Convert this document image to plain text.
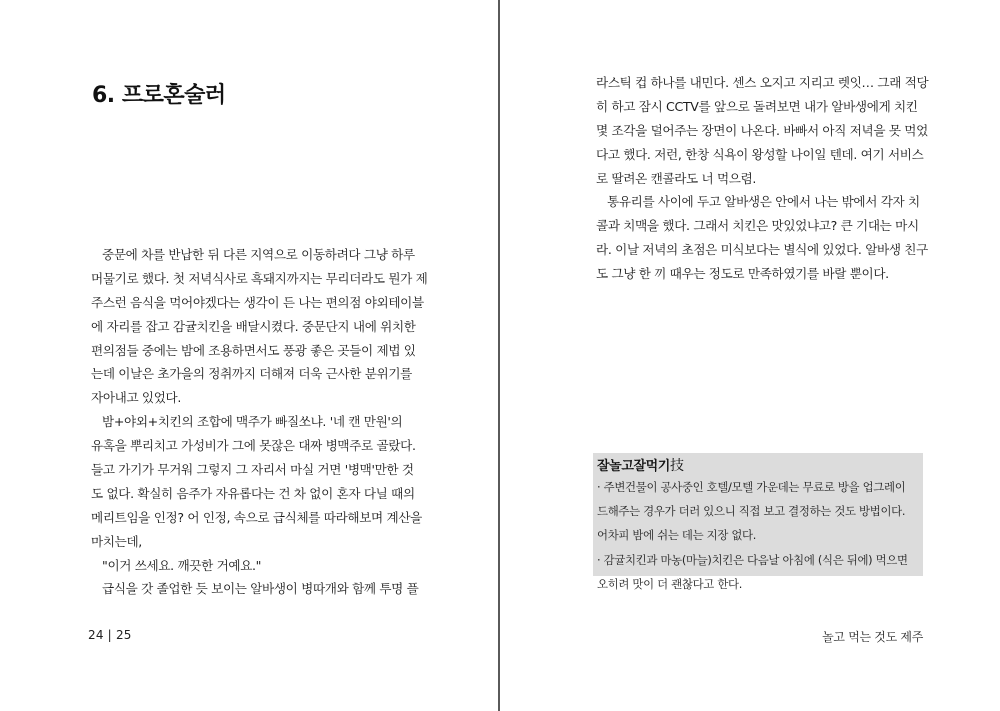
6. 프로혼술러
중문에 차를 반납한 뒤 다른 지역으로 이동하려다 그냥 하루
머물기로 했다. 첫 저녁식사로 흑돼지까지는 무리더라도 뭔가 제
주스런 음식을 먹어야겠다는 생각이 든 나는 편의점 야외테이블
에 자리를 잡고 감귤치킨을 배달시켰다. 중문단지 내에 위치한
편의점들 중에는 밤에 조용하면서도 풍광 좋은 곳들이 제법 있
는데 이날은 초가을의 정취까지 더해져 더욱 근사한 분위기를
자아내고 있었다.
밤+야외+치킨의 조합에 맥주가 빠질쏘냐. '네 캔 만원'의
유혹을 뿌리치고 가성비가 그에 못잖은 대짜 병맥주로 골랐다.
들고 가기가 무거워 그렇지 그 자리서 마실 거면 '병맥'만한 것
도 없다. 확실히 음주가 자유롭다는 건 차 없이 혼자 다닐 때의
메리트임을 인정? 어 인정, 속으로 급식체를 따라해보며 계산을
마치는데,
"이거 쓰세요. 깨끗한 거예요."
급식을 갓 졸업한 듯 보이는 알바생이 병따개와 함께 투명 플
24 | 25
라스틱 컵 하나를 내민다. 센스 오지고 지리고 렛잇… 그래 적당
히 하고 잠시 CCTV를 앞으로 돌려보면 내가 알바생에게 치킨
몇 조각을 덜어주는 장면이 나온다. 바빠서 아직 저녁을 못 먹었
다고 했다. 저런, 한창 식욕이 왕성할 나이일 텐데. 여기 서비스
로 딸려온 캔콜라도 너 먹으렴.
통유리를 사이에 두고 알바생은 안에서 나는 밖에서 각자 치
콜과 치맥을 했다. 그래서 치킨은 맛있었냐고? 큰 기대는 마시
라. 이날 저녁의 초점은 미식보다는 별식에 있었다. 알바생 친구
도 그냥 한 끼 때우는 정도로 만족하였기를 바랄 뿐이다.
잘놀고잘먹기技
· 주변건물이 공사중인 호텔/모텔 가운데는 무료로 방을 업그레이
드해주는 경우가 더러 있으니 직접 보고 결정하는 것도 방법이다.
어차피 밤에 쉬는 데는 지장 없다.
· 감귤치킨과 마농(마늘)치킨은 다음날 아침에 (식은 뒤에) 먹으면
오히려 맛이 더 괜찮다고 한다.
놀고 먹는 것도 제주
